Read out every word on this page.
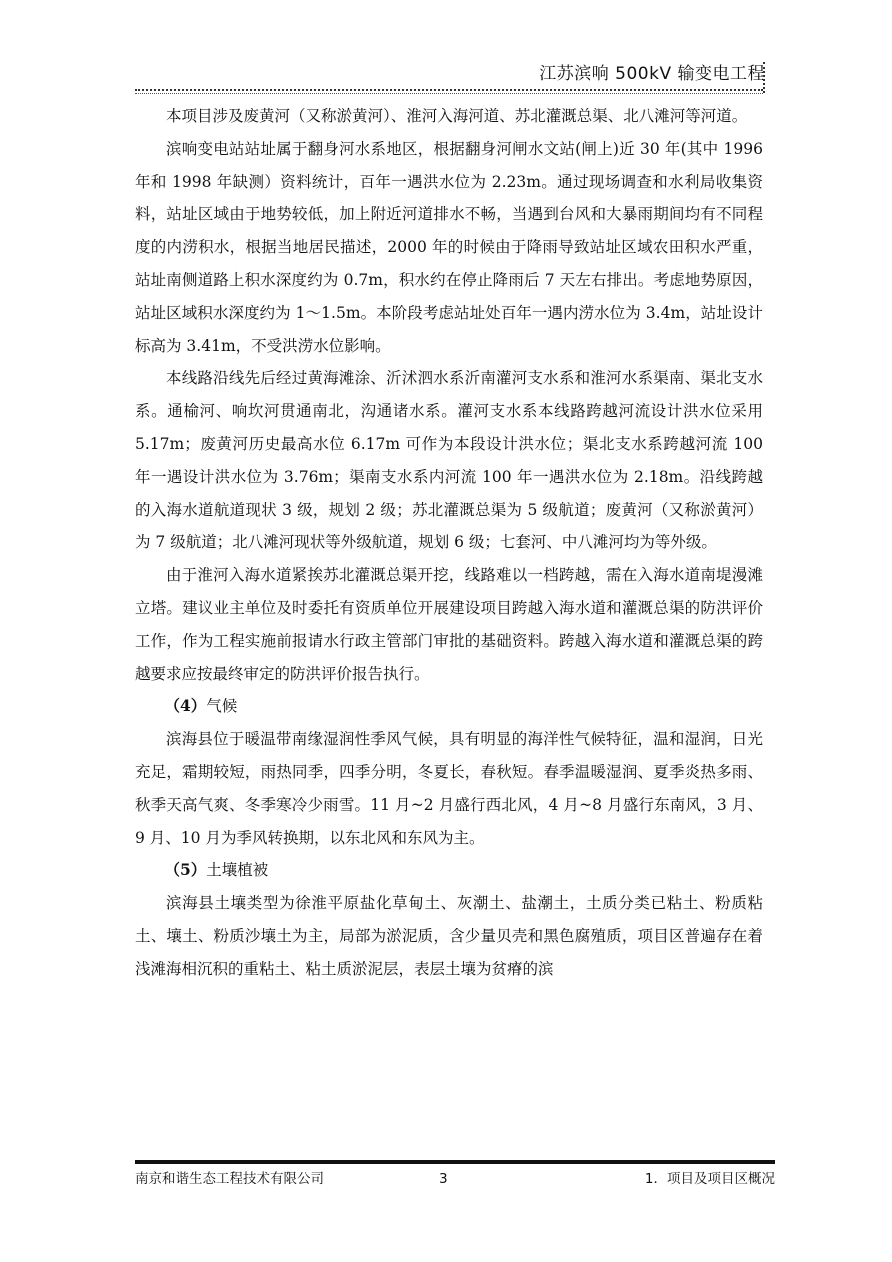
江苏滨响 500kV 输变电工程

本项目涉及废黄河（又称淤黄河）、淮河入海河道、苏北灌溉总渠、北八滩河等河道。

滨响变电站站址属于翻身河水系地区，根据翻身河闸水文站(闸上)近 30 年(其中 1996 年和 1998 年缺测）资料统计，百年一遇洪水位为 2.23m。通过现场调查和水利局收集资料，站址区域由于地势较低，加上附近河道排水不畅，当遇到台风和大暴雨期间均有不同程度的内涝积水，根据当地居民描述，2000 年的时候由于降雨导致站址区域农田积水严重，站址南侧道路上积水深度约为 0.7m，积水约在停止降雨后 7 天左右排出。考虑地势原因，站址区域积水深度约为 1～1.5m。本阶段考虑站址处百年一遇内涝水位为 3.4m，站址设计标高为 3.41m，不受洪涝水位影响。

本线路沿线先后经过黄海滩涂、沂沭泗水系沂南灌河支水系和淮河水系渠南、渠北支水系。通榆河、响坎河贯通南北，沟通诸水系。灌河支水系本线路跨越河流设计洪水位采用 5.17m；废黄河历史最高水位 6.17m 可作为本段设计洪水位；渠北支水系跨越河流 100 年一遇设计洪水位为 3.76m；渠南支水系内河流 100 年一遇洪水位为 2.18m。沿线跨越的入海水道航道现状 3 级，规划 2 级；苏北灌溉总渠为 5 级航道；废黄河（又称淤黄河）为 7 级航道；北八滩河现状等外级航道，规划 6 级；七套河、中八滩河均为等外级。

由于淮河入海水道紧挨苏北灌溉总渠开挖，线路难以一档跨越，需在入海水道南堤漫滩立塔。建议业主单位及时委托有资质单位开展建设项目跨越入海水道和灌溉总渠的防洪评价工作，作为工程实施前报请水行政主管部门审批的基础资料。跨越入海水道和灌溉总渠的跨越要求应按最终审定的防洪评价报告执行。

（4）气候

滨海县位于暖温带南缘湿润性季风气候，具有明显的海洋性气候特征，温和湿润，日光充足，霜期较短，雨热同季，四季分明，冬夏长，春秋短。春季温暖湿润、夏季炎热多雨、秋季天高气爽、冬季寒冷少雨雪。11 月~2 月盛行西北风，4 月~8 月盛行东南风，3 月、9 月、10 月为季风转换期，以东北风和东风为主。

（5）土壤植被

滨海县土壤类型为徐淮平原盐化草甸土、灰潮土、盐潮土，土质分类已粘土、粉质粘土、壤土、粉质沙壤土为主，局部为淤泥质，含少量贝壳和黑色腐殖质，项目区普遍存在着浅滩海相沉积的重粘土、粘土质淤泥层，表层土壤为贫瘠的滨

南京和谐生态工程技术有限公司	3	1．项目及项目区概况
